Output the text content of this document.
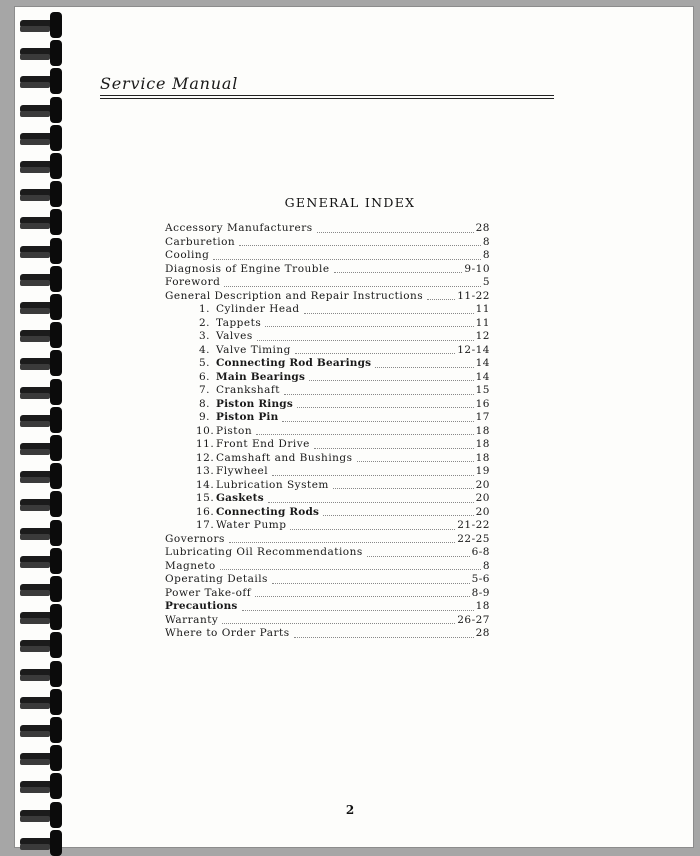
Service Manual
GENERAL INDEX
Accessory Manufacturers	28
Carburetion	8
Cooling	8
Diagnosis of Engine Trouble	9-10
Foreword	5
General Description and Repair Instructions	11-22
1. Cylinder Head	11
2. Tappets	11
3. Valves	12
4. Valve Timing	12-14
5. Connecting Rod Bearings	14
6. Main Bearings	14
7. Crankshaft	15
8. Piston Rings	16
9. Piston Pin	17
10. Piston	18
11. Front End Drive	18
12. Camshaft and Bushings	18
13. Flywheel	19
14. Lubrication System	20
15. Gaskets	20
16. Connecting Rods	20
17. Water Pump	21-22
Governors	22-25
Lubricating Oil Recommendations	6-8
Magneto	8
Operating Details	5-6
Power Take-off	8-9
Precautions	18
Warranty	26-27
Where to Order Parts	28
2
